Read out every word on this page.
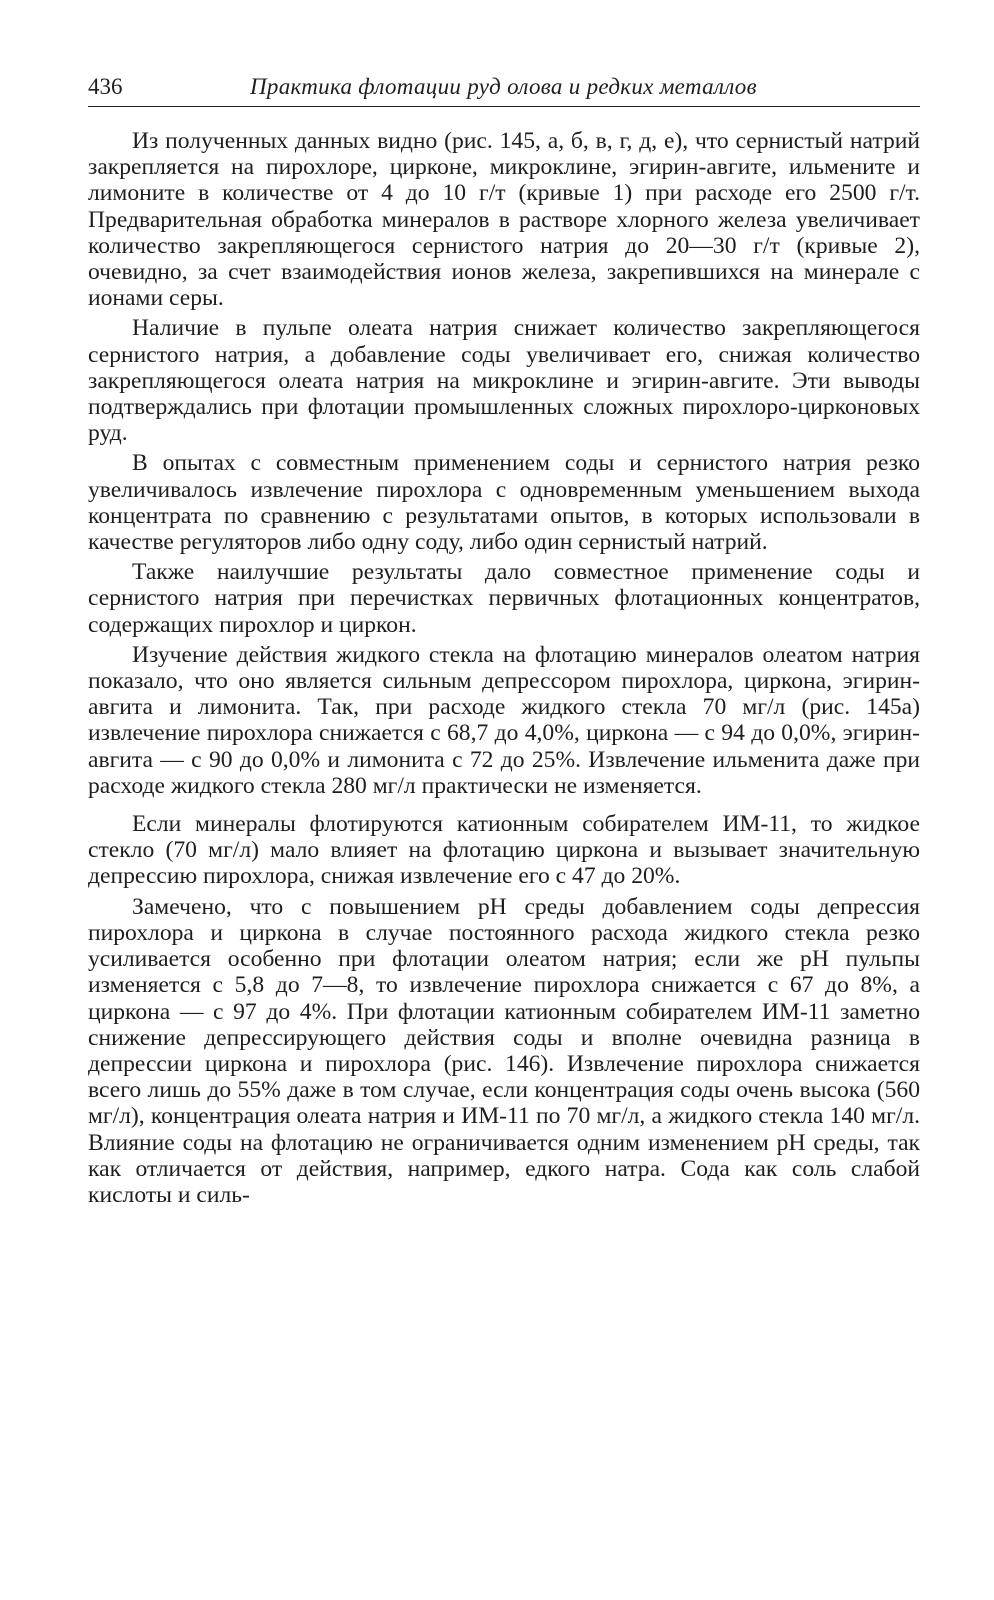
436	Практика флотации руд олова и редких металлов

Из полученных данных видно (рис. 145, а, б, в, г, д, е), что сернистый натрий закрепляется на пирохлоре, цирконе, микроклине, эгирин-авгите, ильмените и лимоните в количестве от 4 до 10 г/т (кривые 1) при расходе его 2500 г/т. Предварительная обработка минералов в растворе хлорного железа увеличивает количество закрепляющегося сернистого натрия до 20—30 г/т (кривые 2), очевидно, за счет взаимодействия ионов железа, закрепившихся на минерале с ионами серы.

Наличие в пульпе олеата натрия снижает количество закрепляющегося сернистого натрия, а добавление соды увеличивает его, снижая количество закрепляющегося олеата натрия на микроклине и эгирин-авгите. Эти выводы подтверждались при флотации промышленных сложных пирохлоро-цирконовых руд.

В опытах с совместным применением соды и сернистого натрия резко увеличивалось извлечение пирохлора с одновременным уменьшением выхода концентрата по сравнению с результатами опытов, в которых использовали в качестве регуляторов либо одну соду, либо один сернистый натрий.

Также наилучшие результаты дало совместное применение соды и сернистого натрия при перечистках первичных флотационных концентратов, содержащих пирохлор и циркон.

Изучение действия жидкого стекла на флотацию минералов олеатом натрия показало, что оно является сильным депрессором пирохлора, циркона, эгирин-авгита и лимонита. Так, при расходе жидкого стекла 70 мг/л (рис. 145а) извлечение пирохлора снижается с 68,7 до 4,0%, циркона — с 94 до 0,0%, эгирин-авгита — с 90 до 0,0% и лимонита с 72 до 25%. Извлечение ильменита даже при расходе жидкого стекла 280 мг/л практически не изменяется.

Если минералы флотируются катионным собирателем ИМ-11, то жидкое стекло (70 мг/л) мало влияет на флотацию циркона и вызывает значительную депрессию пирохлора, снижая извлечение его с 47 до 20%.

Замечено, что с повышением pH среды добавлением соды депрессия пирохлора и циркона в случае постоянного расхода жидкого стекла резко усиливается особенно при флотации олеатом натрия; если же pH пульпы изменяется с 5,8 до 7—8, то извлечение пирохлора снижается с 67 до 8%, а циркона — с 97 до 4%. При флотации катионным собирателем ИМ-11 заметно снижение депрессирующего действия соды и вполне очевидна разница в депрессии циркона и пирохлора (рис. 146). Извлечение пирохлора снижается всего лишь до 55% даже в том случае, если концентрация соды очень высока (560 мг/л), концентрация олеата натрия и ИМ-11 по 70 мг/л, а жидкого стекла 140 мг/л. Влияние соды на флотацию не ограничивается одним изменением pH среды, так как отличается от действия, например, едкого натра. Сода как соль слабой кислоты и силь-
